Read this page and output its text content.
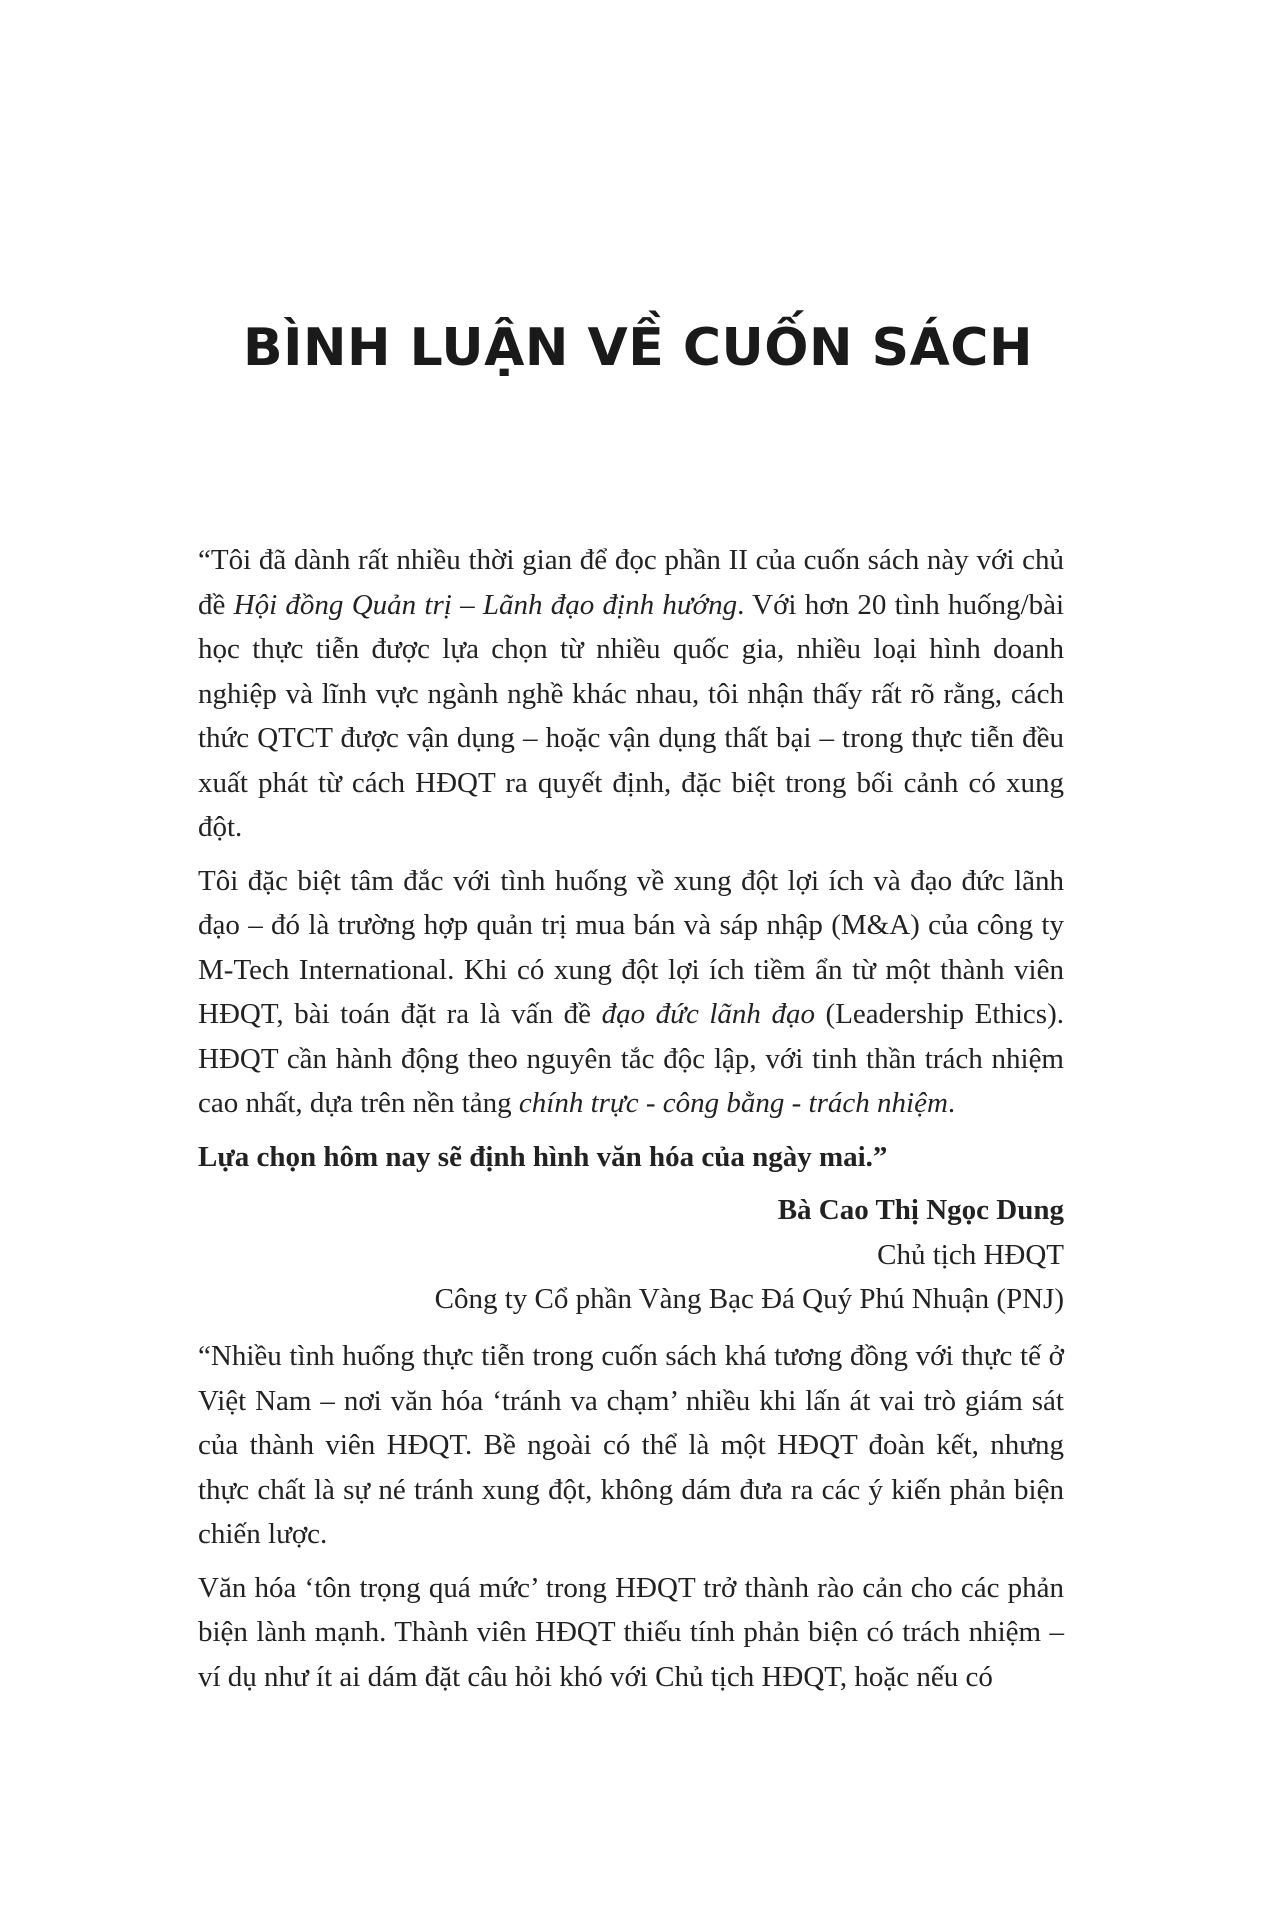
BÌNH LUẬN VỀ CUỐN SÁCH

“Tôi đã dành rất nhiều thời gian để đọc phần II của cuốn sách này với chủ đề Hội đồng Quản trị – Lãnh đạo định hướng. Với hơn 20 tình huống/bài học thực tiễn được lựa chọn từ nhiều quốc gia, nhiều loại hình doanh nghiệp và lĩnh vực ngành nghề khác nhau, tôi nhận thấy rất rõ rằng, cách thức QTCT được vận dụng – hoặc vận dụng thất bại – trong thực tiễn đều xuất phát từ cách HĐQT ra quyết định, đặc biệt trong bối cảnh có xung đột.

Tôi đặc biệt tâm đắc với tình huống về xung đột lợi ích và đạo đức lãnh đạo – đó là trường hợp quản trị mua bán và sáp nhập (M&A) của công ty M-Tech International. Khi có xung đột lợi ích tiềm ẩn từ một thành viên HĐQT, bài toán đặt ra là vấn đề đạo đức lãnh đạo (Leadership Ethics). HĐQT cần hành động theo nguyên tắc độc lập, với tinh thần trách nhiệm cao nhất, dựa trên nền tảng chính trực - công bằng - trách nhiệm.

Lựa chọn hôm nay sẽ định hình văn hóa của ngày mai.”

Bà Cao Thị Ngọc Dung

Chủ tịch HĐQT

Công ty Cổ phần Vàng Bạc Đá Quý Phú Nhuận (PNJ)

“Nhiều tình huống thực tiễn trong cuốn sách khá tương đồng với thực tế ở Việt Nam – nơi văn hóa ‘tránh va chạm’ nhiều khi lấn át vai trò giám sát của thành viên HĐQT. Bề ngoài có thể là một HĐQT đoàn kết, nhưng thực chất là sự né tránh xung đột, không dám đưa ra các ý kiến phản biện chiến lược.

Văn hóa ‘tôn trọng quá mức’ trong HĐQT trở thành rào cản cho các phản biện lành mạnh. Thành viên HĐQT thiếu tính phản biện có trách nhiệm – ví dụ như ít ai dám đặt câu hỏi khó với Chủ tịch HĐQT, hoặc nếu có
